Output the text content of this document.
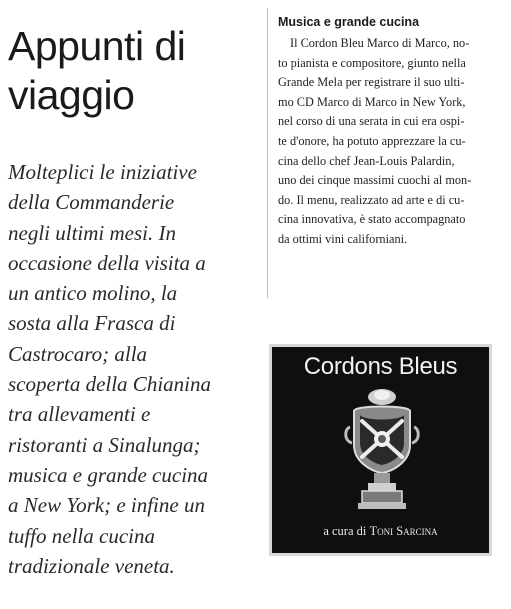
Appunti di
viaggio
Molteplici le iniziative
della Commanderie
negli ultimi mesi. In
occasione della visita a
un antico molino, la
sosta alla Frasca di
Castrocaro; alla
scoperta della Chianina
tra allevamenti e
ristoranti a Sinalunga;
musica e grande cucina
a New York; e infine un
tuffo nella cucina
tradizionale veneta.
Musica e grande cucina
Il Cordon Bleu Marco di Marco, no-
to pianista e compositore, giunto nella
Grande Mela per registrare il suo ulti-
mo CD Marco di Marco in New York,
nel corso di una serata in cui era ospi-
te d'onore, ha potuto apprezzare la cu-
cina dello chef Jean-Louis Palardin,
uno dei cinque massimi cuochi al mon-
do. Il menu, realizzato ad arte e di cu-
cina innovativa, è stato accompagnato
da ottimi vini californiani.
Cordons Bleus
a cura di Toni Sarcina
